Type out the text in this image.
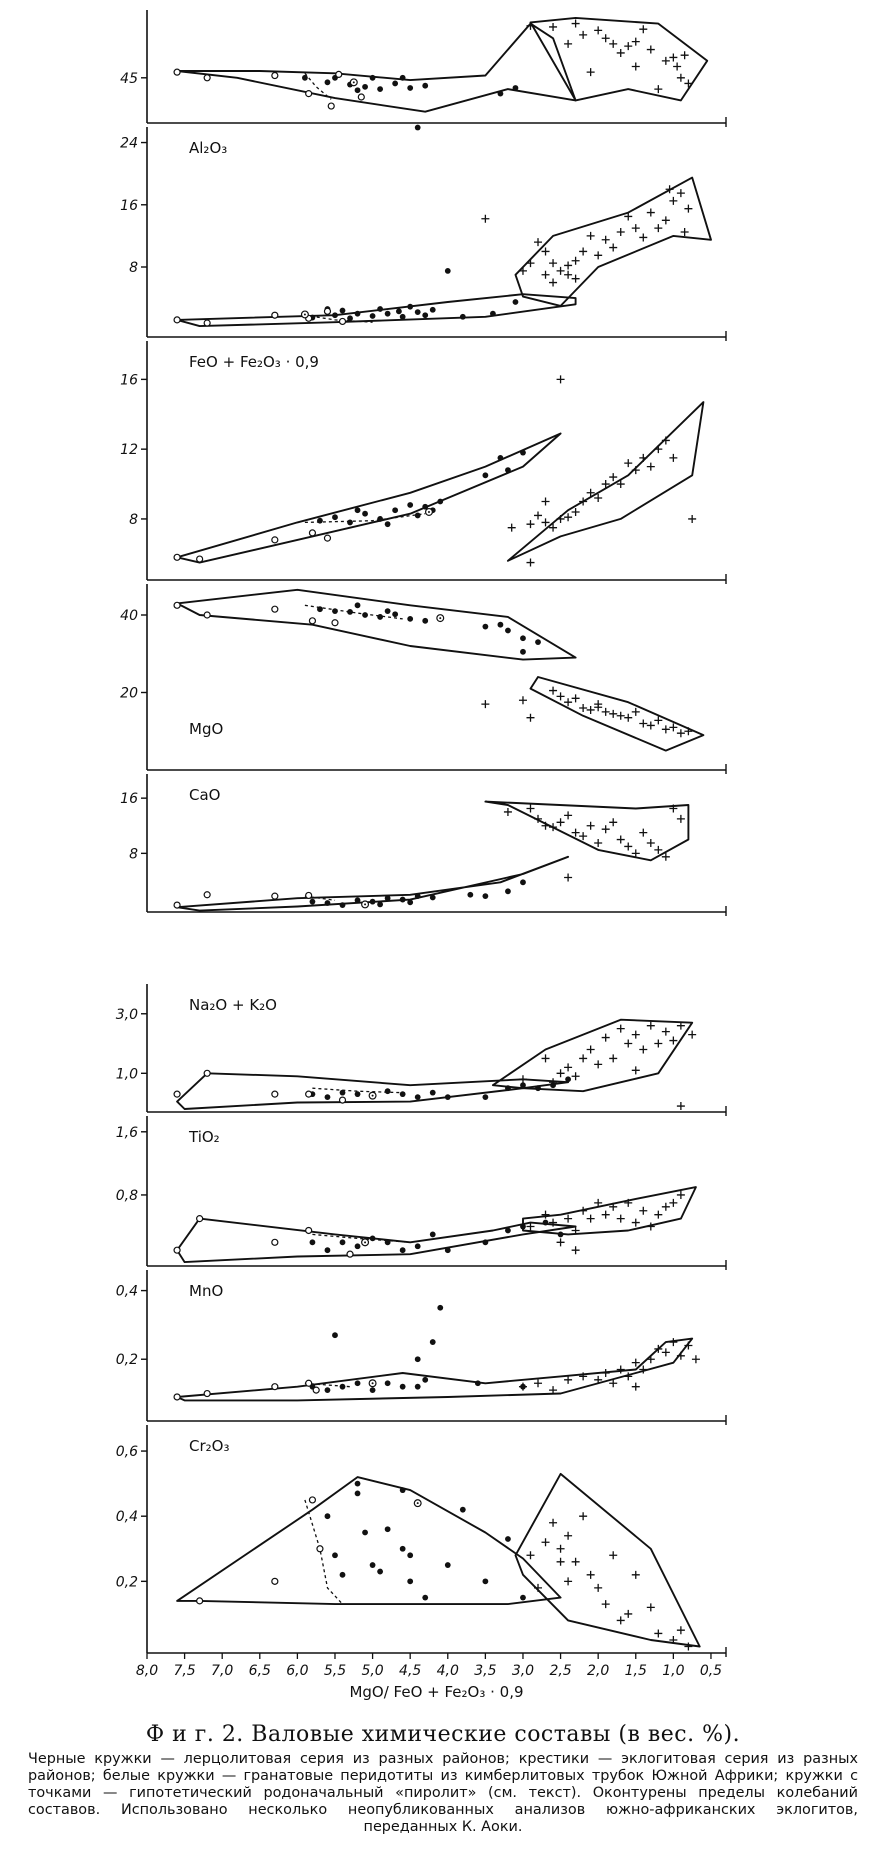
45
24
16
8
Al₂O₃
16
12
8
FeO + Fe₂O₃ · 0,9
40
20
MgO
16
8
CaO
3,0
1,0
Na₂O + K₂O
1,6
0,8
TiO₂
0,4
0,2
MnO
0,6
0,4
0,2
Cr₂O₃
8,0 7,5 7,0 6,5 6,0 5,5 5,0 4,5 4,0 3,5 3,0 2,5 2,0 1,5 1,0 0,5
MgO/ FeO + Fe₂O₃ · 0,9

Ф и г. 2. Валовые химические составы (в вес. %).

Черные кружки — лерцолитовая серия из разных районов; крестики — эклогитовая серия из разных районов; белые кружки — гранатовые перидотиты из кимберлитовых трубок Южной Африки; кружки с точками — гипотетический родоначальный «пиролит» (см. текст). Оконтурены пределы колебаний составов. Использовано несколько неопубликованных анализов южно-африканских эклогитов, переданных К. Аоки.
